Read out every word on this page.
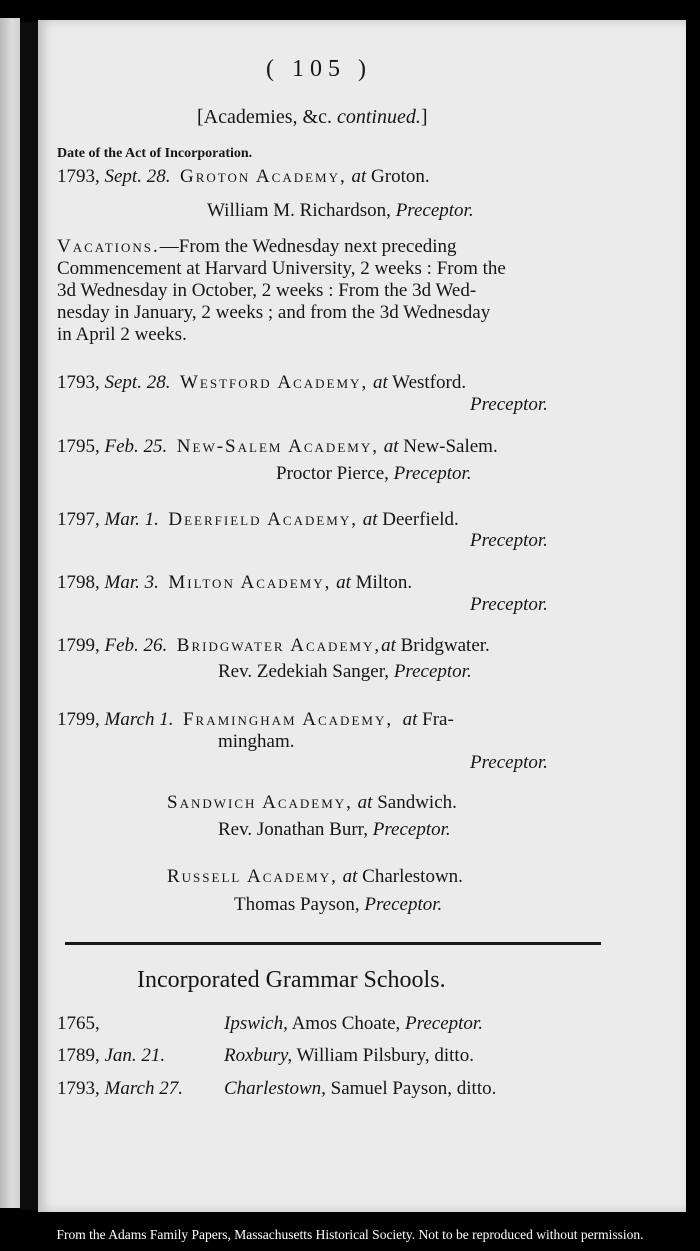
( 105 )
[Academies, &c. continued.]
Date of the Act of Incorporation.
1793, Sept. 28. Groton Academy, at Groton.
William M. Richardson, Preceptor.
Vacations.—From the Wednesday next preceding
Commencement at Harvard University, 2 weeks : From the
3d Wednesday in October, 2 weeks : From the 3d Wed-
nesday in January, 2 weeks ; and from the 3d Wednesday
in April 2 weeks.
1793, Sept. 28. Westford Academy, at Westford.
Preceptor.
1795, Feb. 25. New-Salem Academy, at New-Salem.
Proctor Pierce, Preceptor.
1797, Mar. 1. Deerfield Academy, at Deerfield.
Preceptor.
1798, Mar. 3. Milton Academy, at Milton.
Preceptor.
1799, Feb. 26. Bridgwater Academy,at Bridgwater.
Rev. Zedekiah Sanger, Preceptor.
1799, March 1. Framingham Academy, at Fra-
mingham.
Preceptor.
Sandwich Academy, at Sandwich.
Rev. Jonathan Burr, Preceptor.
Russell Academy, at Charlestown.
Thomas Payson, Preceptor.
Incorporated Grammar Schools.
1765,	Ipswich, Amos Choate, Preceptor.
1789, Jan. 21.	Roxbury, William Pilsbury, ditto.
1793, March 27. Charlestown, Samuel Payson, ditto.
From the Adams Family Papers, Massachusetts Historical Society. Not to be reproduced without permission.
